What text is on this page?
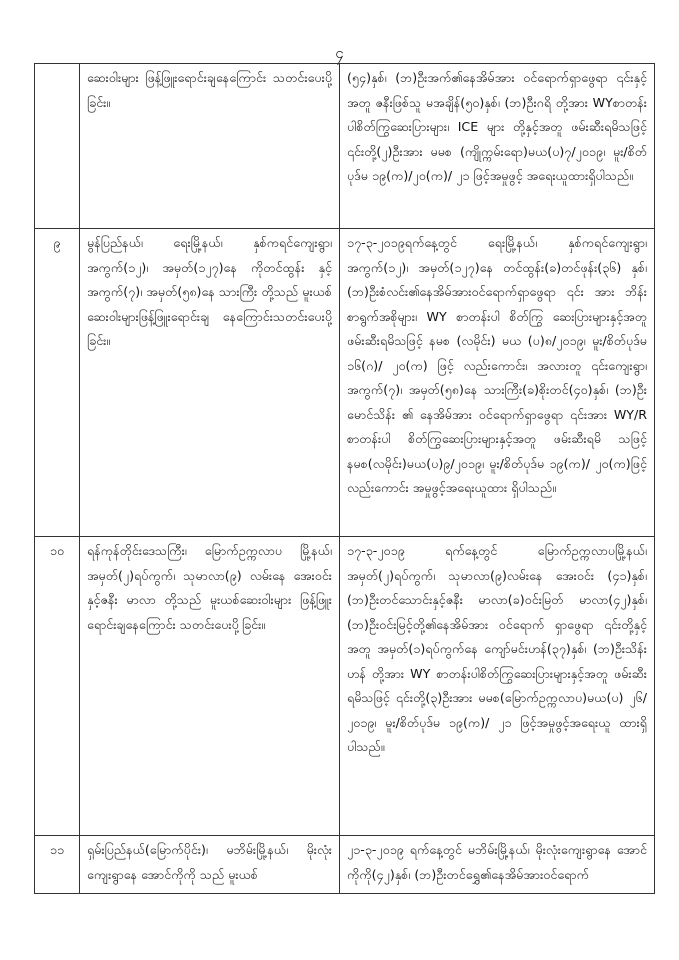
၄
	ဆေးဝါးများ ဖြန့်ဖြူးရောင်းချနေကြောင်း သတင်းပေးပို့ခြင်း။	(၅၄)နှစ်၊ (ဘ)ဦးအက်၏နေအိမ်အား ဝင်ရောက်ရှာဖွေရာ ၎င်းနှင့်အတူ ဇနီးဖြစ်သူ မအချိန်(၅၀)နှစ်၊ (ဘ)ဦးဂရိ တို့အား WYစာတန်းပါစိတ်ကြွဆေးပြားများ၊ ICE များ တို့နှင့်အတူ ဖမ်းဆီးရမိသဖြင့် ၎င်းတို့(၂)ဦးအား မမစ (ကျိုက္ကမ်းရော)မယ(ပ)၇/၂၀၁၉၊ မူး/စိတ်ပုဒ်မ ၁၉(က)/၂၀(က)/ ၂၁ ဖြင့်အမှုဖွင့် အရေးယူထားရှိပါသည်။
၉	မွန်ပြည်နယ်၊ ရေးမြို့နယ်၊ နှစ်ကရင်ကျေးရွာ၊ အကွက်(၁၂)၊ အမှတ်(၁၂၇)နေ ကိုတင်ထွန်း နှင့် အကွက်(၇)၊ အမှတ်(၅၈)နေ သားကြီး တို့သည် မူးယစ်ဆေးဝါးများဖြန့်ဖြူးရောင်းချ နေကြောင်းသတင်းပေးပို့ခြင်း။	၁၇-၃-၂၀၁၉ရက်နေ့တွင် ရေးမြို့နယ်၊ နှစ်ကရင်ကျေးရွာ၊ အကွက်(၁၂)၊ အမှတ်(၁၂၇)နေ တင်ထွန်း(ခ)တင်ဖုန်း(၃၆) နှစ်၊ (ဘ)ဦးစံလင်း၏နေအိမ်အားဝင်ရောက်ရှာဖွေရာ ၎င်း အား ဘိန်းစာရွက်အစိုများ၊ WY စာတန်းပါ စိတ်ကြွ ဆေးပြားများနှင့်အတူ ဖမ်းဆီးရမိသဖြင့် နမစ (လမိုင်း) မယ (ပ)၈/၂၀၁၉၊ မူး/စိတ်ပုဒ်မ ၁၆(ဂ)/ ၂၀(က) ဖြင့် လည်းကောင်း၊ အလားတူ ၎င်းကျေးရွာ၊ အကွက်(၇)၊ အမှတ်(၅၈)နေ သားကြီး(ခ)စိုးတင်(၄၀)နှစ်၊ (ဘ)ဦးမောင်သိန်း ၏ နေအိမ်အား ဝင်ရောက်ရှာဖွေရာ ၎င်းအား WY/R စာတန်းပါ စိတ်ကြွဆေးပြားများနှင့်အတူ ဖမ်းဆီးရမိ သဖြင့် နမစ(လမိုင်း)မယ(ပ)၉/၂၀၁၉၊ မူး/စိတ်ပုဒ်မ ၁၉(က)/ ၂၀(က)ဖြင့်လည်းကောင်း အမှုဖွင့်အရေးယူထား ရှိပါသည်။
၁၀	ရန်ကုန်တိုင်းဒေသကြီး၊ မြောက်ဥက္ကလာပ မြို့နယ်၊ အမှတ်(၂)ရပ်ကွက်၊ သုမာလာ(၉) လမ်းနေ အေးဝင်းနှင့်ဇနီး မာလာ တို့သည် မူးယစ်ဆေးဝါးများ ဖြန့်ဖြူးရောင်းချနေကြောင်း သတင်းပေးပို့ခြင်း။	၁၇-၃-၂၀၁၉ ရက်နေ့တွင် မြောက်ဥက္ကလာပမြို့နယ်၊ အမှတ်(၂)ရပ်ကွက်၊ သုမာလာ(၉)လမ်းနေ အေးဝင်း (၄၁)နှစ်၊ (ဘ)ဦးတင်သောင်းနှင့်ဇနီး မာလာ(ခ)ဝင်းမြတ် မာလာ(၄၂)နှစ်၊(ဘ)ဦးဝင်းမြင့်တို့၏နေအိမ်အား ဝင်ရောက် ရှာဖွေရာ ၎င်းတို့နှင့်အတူ အမှတ်(၁)ရပ်ကွက်နေ ကျော်မင်းဟန်(၃၇)နှစ်၊ (ဘ)ဦးသိန်းဟန် တို့အား WY စာတန်းပါစိတ်ကြွဆေးပြားများနှင့်အတူ ဖမ်းဆီးရမိသဖြင့် ၎င်းတို့(၃)ဦးအား မမစ(မြောက်ဥက္ကလာပ)မယ(ပ) ၂၆/ ၂၀၁၉၊ မူး/စိတ်ပုဒ်မ ၁၉(က)/ ၂၁ ဖြင့်အမှုဖွင့်အရေးယူ ထားရှိပါသည်။
၁၁	ရှမ်းပြည်နယ်(မြောက်ပိုင်း)၊ မဘိမ်းမြို့နယ်၊ မိုးလုံးကျေးရွာနေ အောင်ကိုကို သည် မူးယစ်	၂၁-၃-၂၀၁၉ ရက်နေ့တွင် မဘိမ်းမြို့နယ်၊ မိုးလုံးကျေးရွာနေ အောင်ကိုကို(၄၂)နှစ်၊ (ဘ)ဦးတင်ရွှေ၏နေအိမ်အားဝင်ရောက်
